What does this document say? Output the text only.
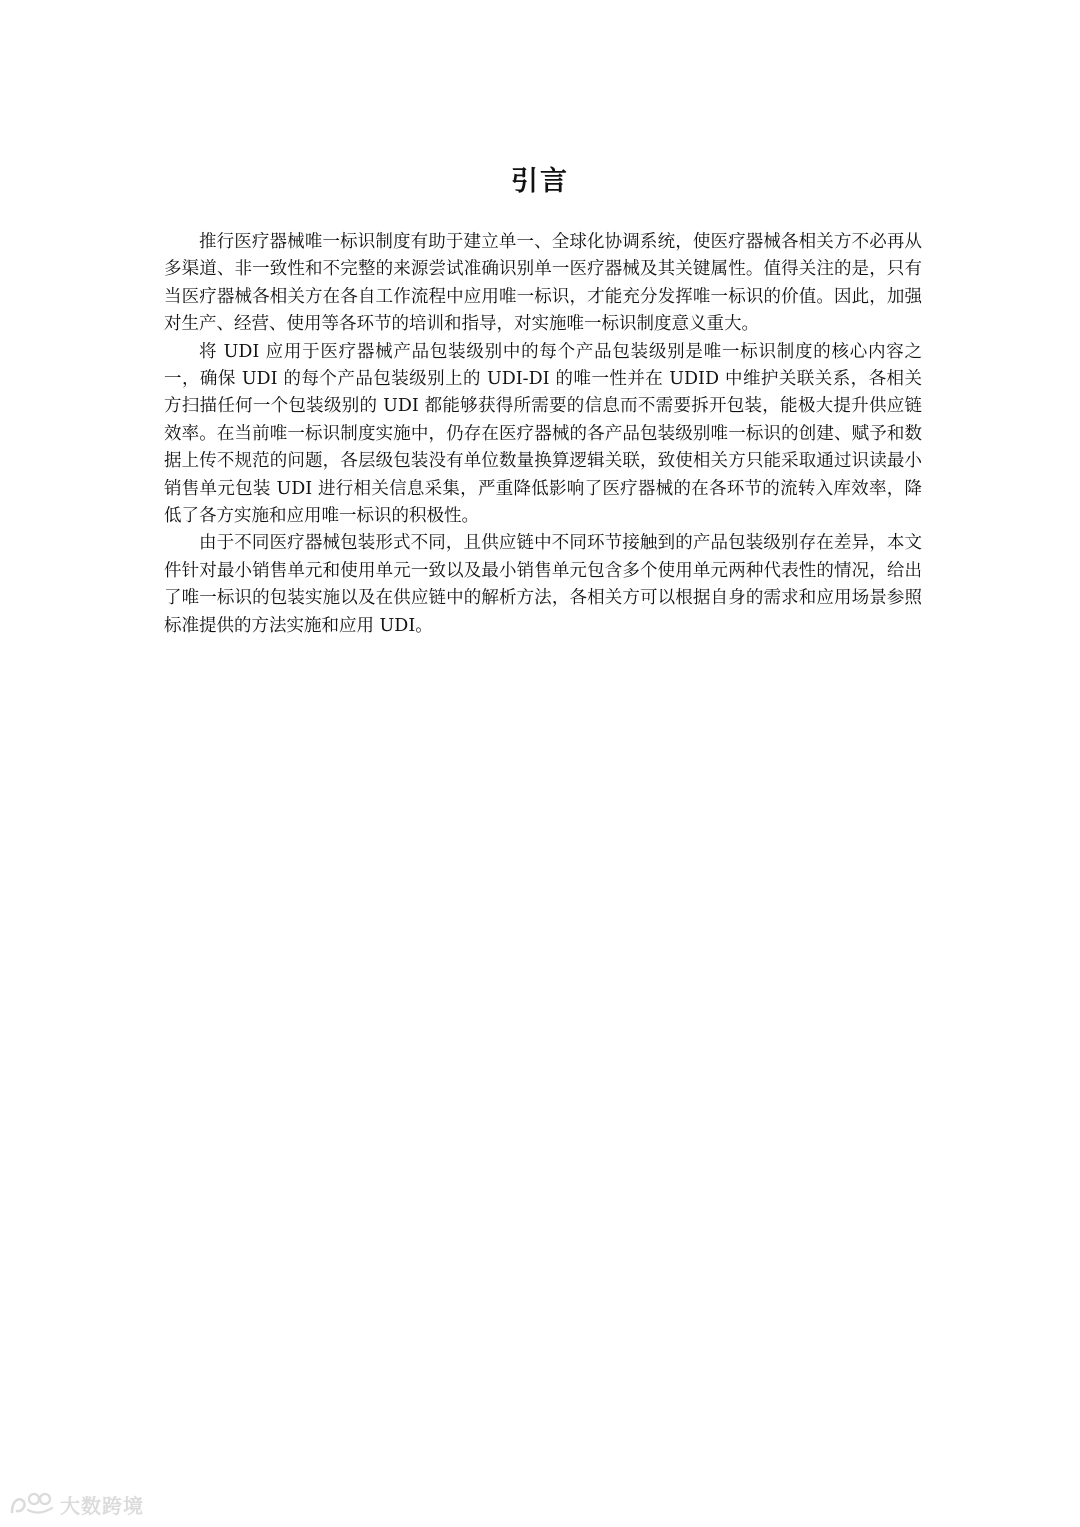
引言

推行医疗器械唯一标识制度有助于建立单一、全球化协调系统，使医疗器械各相关方不必再从多渠道、非一致性和不完整的来源尝试准确识别单一医疗器械及其关键属性。值得关注的是，只有当医疗器械各相关方在各自工作流程中应用唯一标识，才能充分发挥唯一标识的价值。因此，加强对生产、经营、使用等各环节的培训和指导，对实施唯一标识制度意义重大。

将 UDI 应用于医疗器械产品包装级别中的每个产品包装级别是唯一标识制度的核心内容之一，确保 UDI 的每个产品包装级别上的 UDI-DI 的唯一性并在 UDID 中维护关联关系，各相关方扫描任何一个包装级别的 UDI 都能够获得所需要的信息而不需要拆开包装，能极大提升供应链效率。在当前唯一标识制度实施中，仍存在医疗器械的各产品包装级别唯一标识的创建、赋予和数据上传不规范的问题，各层级包装没有单位数量换算逻辑关联，致使相关方只能采取通过识读最小销售单元包装 UDI 进行相关信息采集，严重降低影响了医疗器械的在各环节的流转入库效率，降低了各方实施和应用唯一标识的积极性。

由于不同医疗器械包装形式不同，且供应链中不同环节接触到的产品包装级别存在差异，本文件针对最小销售单元和使用单元一致以及最小销售单元包含多个使用单元两种代表性的情况，给出了唯一标识的包装实施以及在供应链中的解析方法，各相关方可以根据自身的需求和应用场景参照标准提供的方法实施和应用 UDI。

大数跨境
